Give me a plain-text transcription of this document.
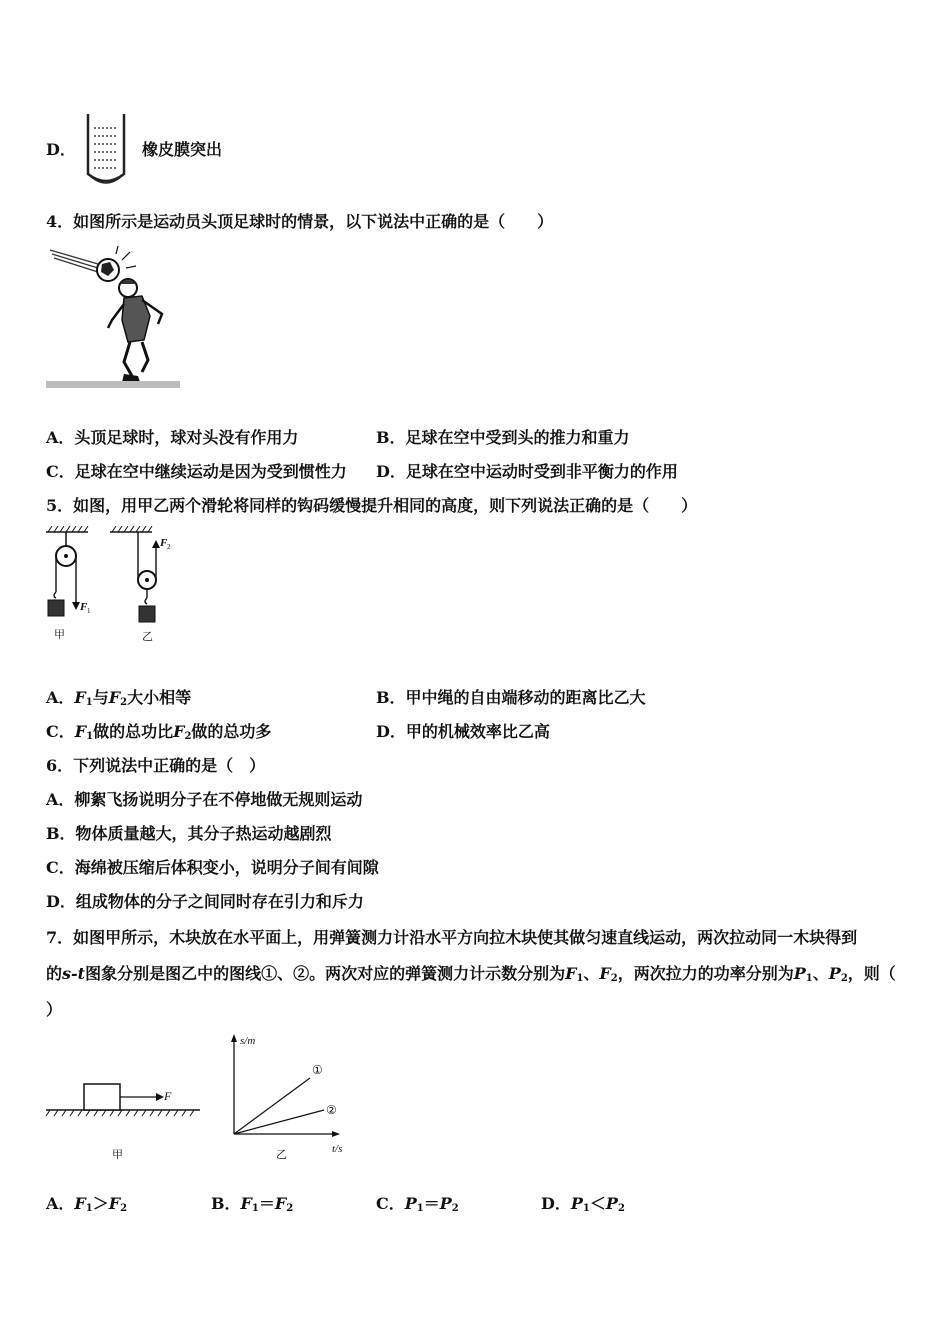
D．	橡皮膜突出
4．如图所示是运动员头顶足球时的情景，以下说法中正确的是（　　）
A．头顶足球时，球对头没有作用力	B．足球在空中受到头的推力和重力
C．足球在空中继续运动是因为受到惯性力 D．足球在空中运动时受到非平衡力的作用
5．如图，用甲乙两个滑轮将同样的钩码缓慢提升相同的高度，则下列说法正确的是（　　）
F 1
甲
F 2
乙
A．$F_1$与$F_2$大小相等	B．甲中绳的自由端移动的距离比乙大
C．$F_1$做的总功比$F_2$做的总功多	D．甲的机械效率比乙高
6．下列说法中正确的是（　）
A．柳絮飞扬说明分子在不停地做无规则运动
B．物体质量越大，其分子热运动越剧烈
C．海绵被压缩后体积变小，说明分子间有间隙
D．组成物体的分子之间同时存在引力和斥力
7．如图甲所示，木块放在水平面上，用弹簧测力计沿水平方向拉木块使其做匀速直线运动，两次拉动同一木块得到
的s-t图象分别是图乙中的图线①、②。两次对应的弹簧测力计示数分别为$F_1$、$F_2$，两次拉力的功率分别为$P_1$、$P_2$，则（
）
F
甲
s/m
t/s
①
②
乙
A．$F_1>F_2$	B．$F_1=F_2$	C．$P_1=P_2$	D．$P_1<P_2$
